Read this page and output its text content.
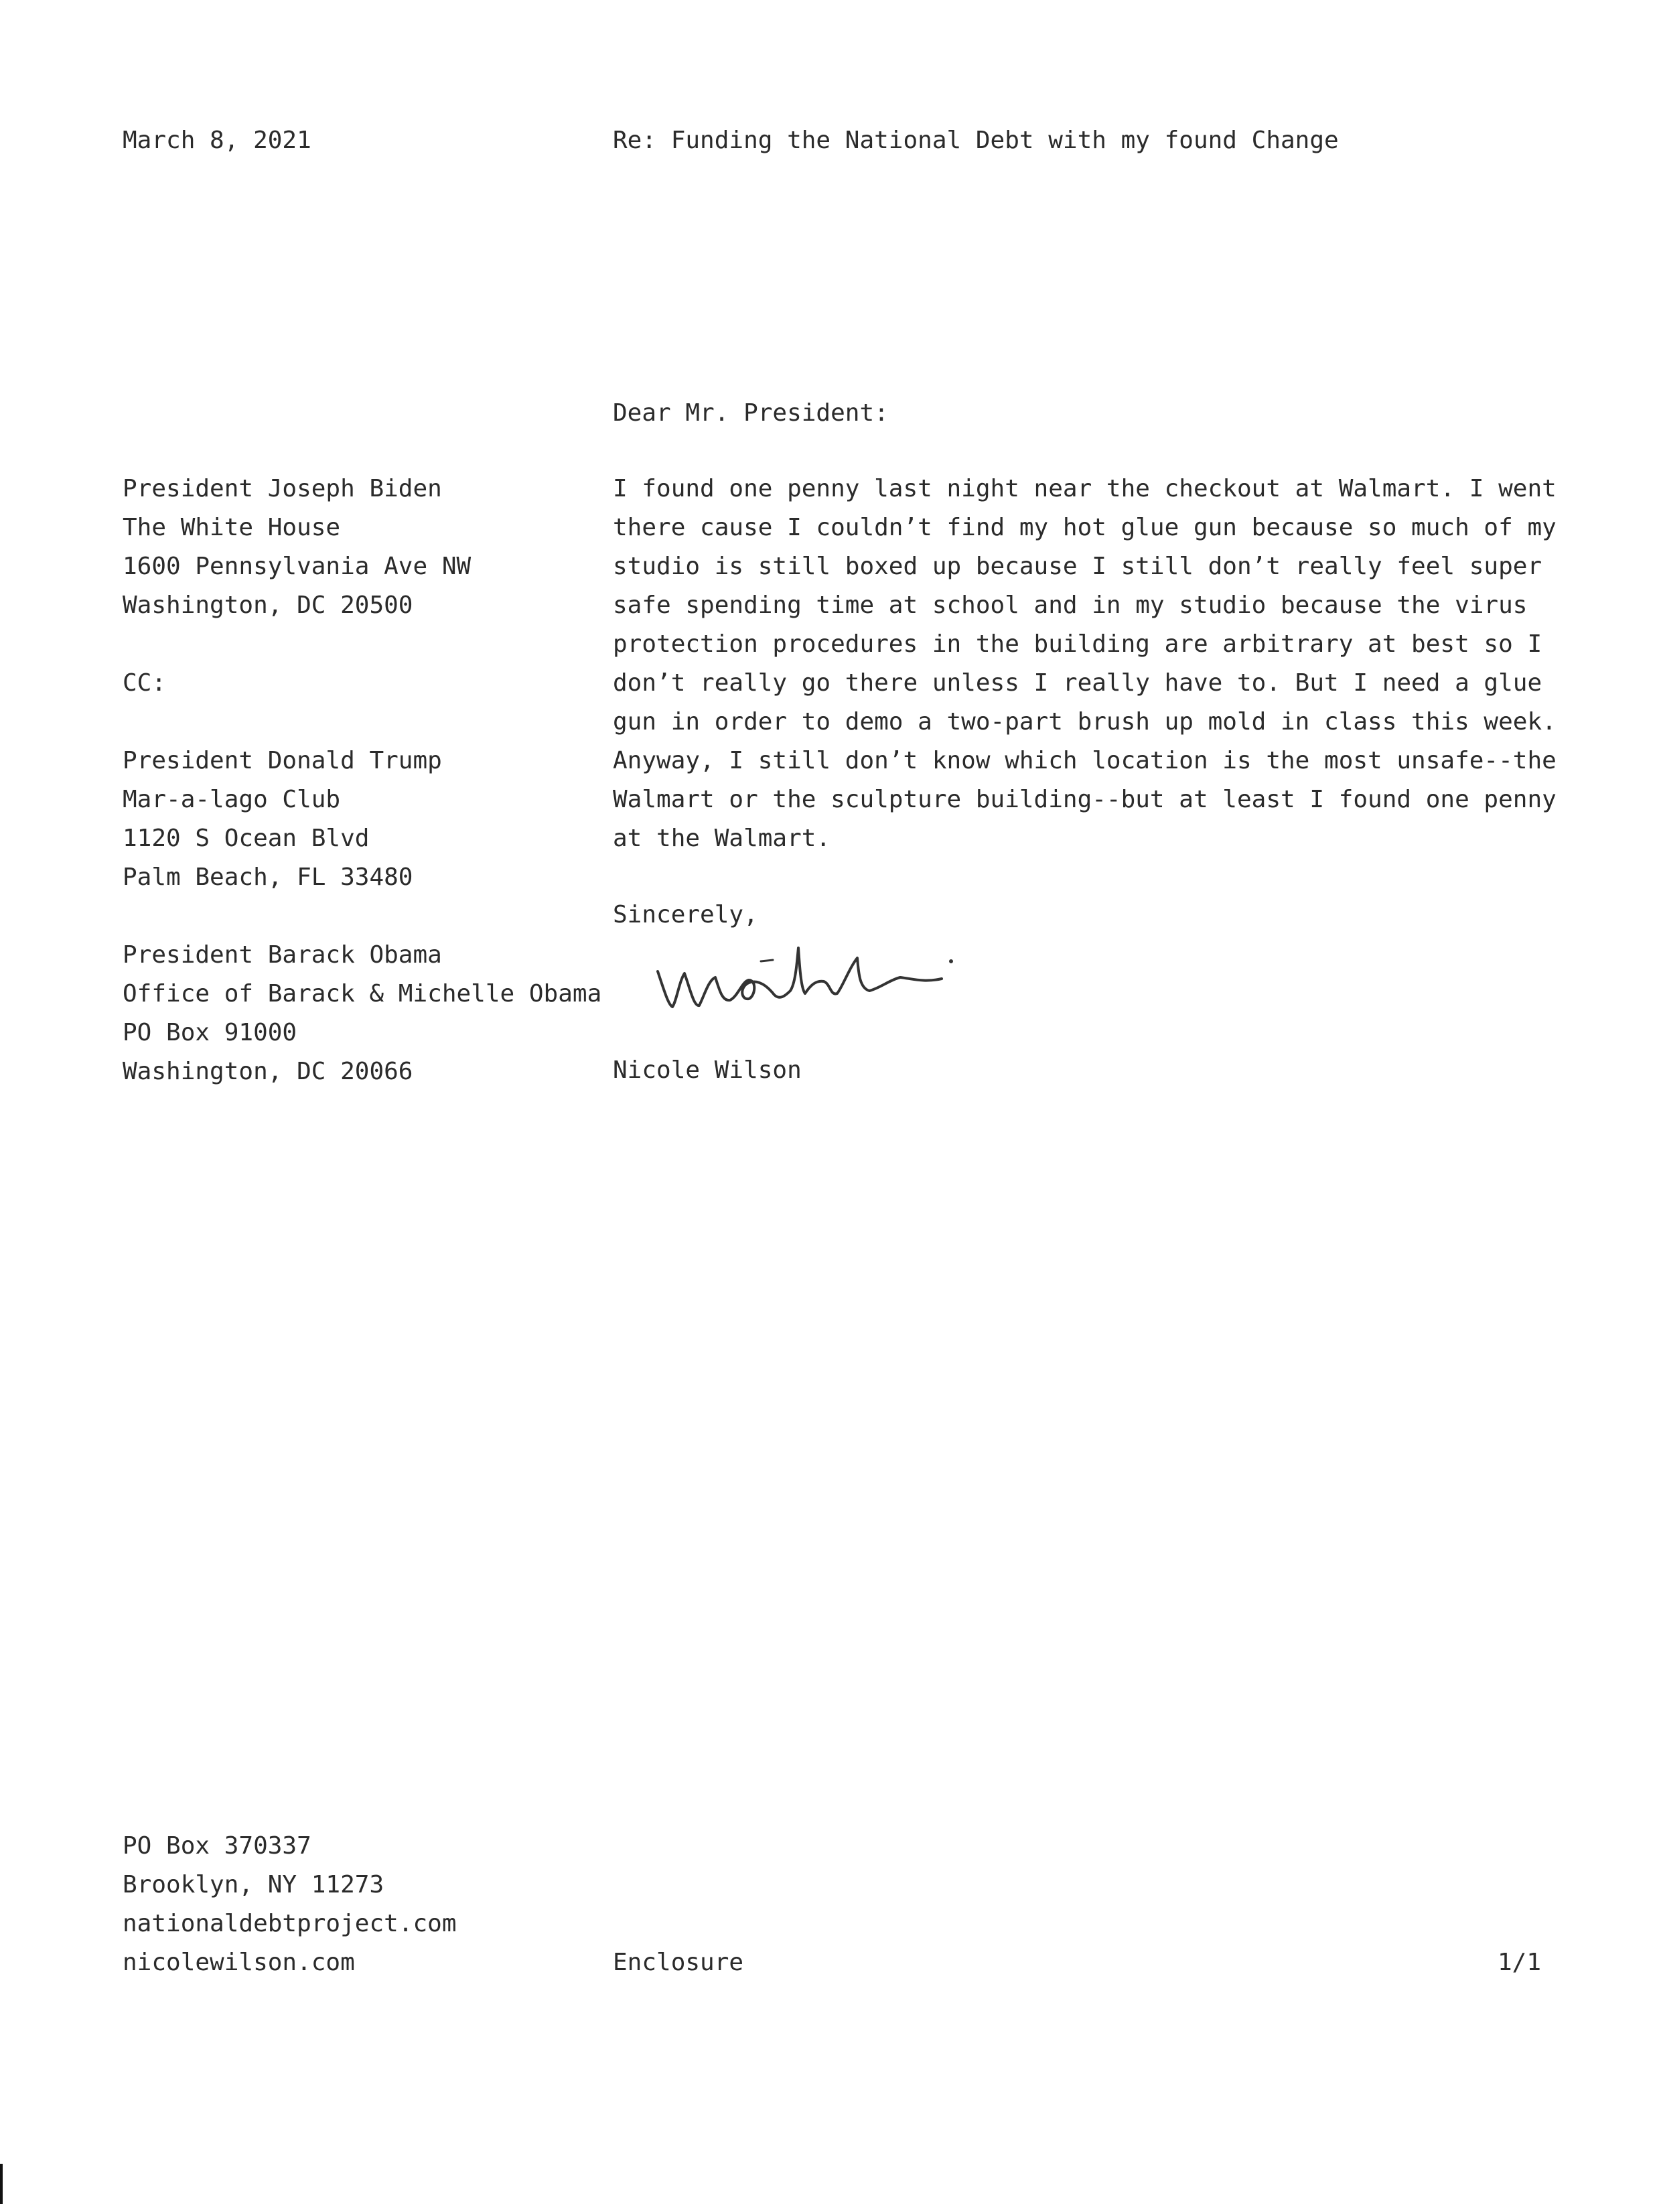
March 8, 2021	Re: Funding the National Debt with my found Change
Dear Mr. President:
President Joseph Biden
The White House
1600 Pennsylvania Ave NW
Washington, DC 20500
CC:
President Donald Trump
Mar-a-lago Club
1120 S Ocean Blvd
Palm Beach, FL 33480
President Barack Obama
Office of Barack & Michelle Obama
PO Box 91000
Washington, DC 20066
I found one penny last night near the checkout at Walmart. I went
there cause I couldn’t find my hot glue gun because so much of my
studio is still boxed up because I still don’t really feel super
safe spending time at school and in my studio because the virus
protection procedures in the building are arbitrary at best so I
don’t really go there unless I really have to. But I need a glue
gun in order to demo a two-part brush up mold in class this week.
Anyway, I still don’t know which location is the most unsafe--the
Walmart or the sculpture building--but at least I found one penny
at the Walmart.
Sincerely,
Nicole Wilson
PO Box 370337
Brooklyn, NY 11273
nationaldebtproject.com
nicolewilson.com	Enclosure	1/1
